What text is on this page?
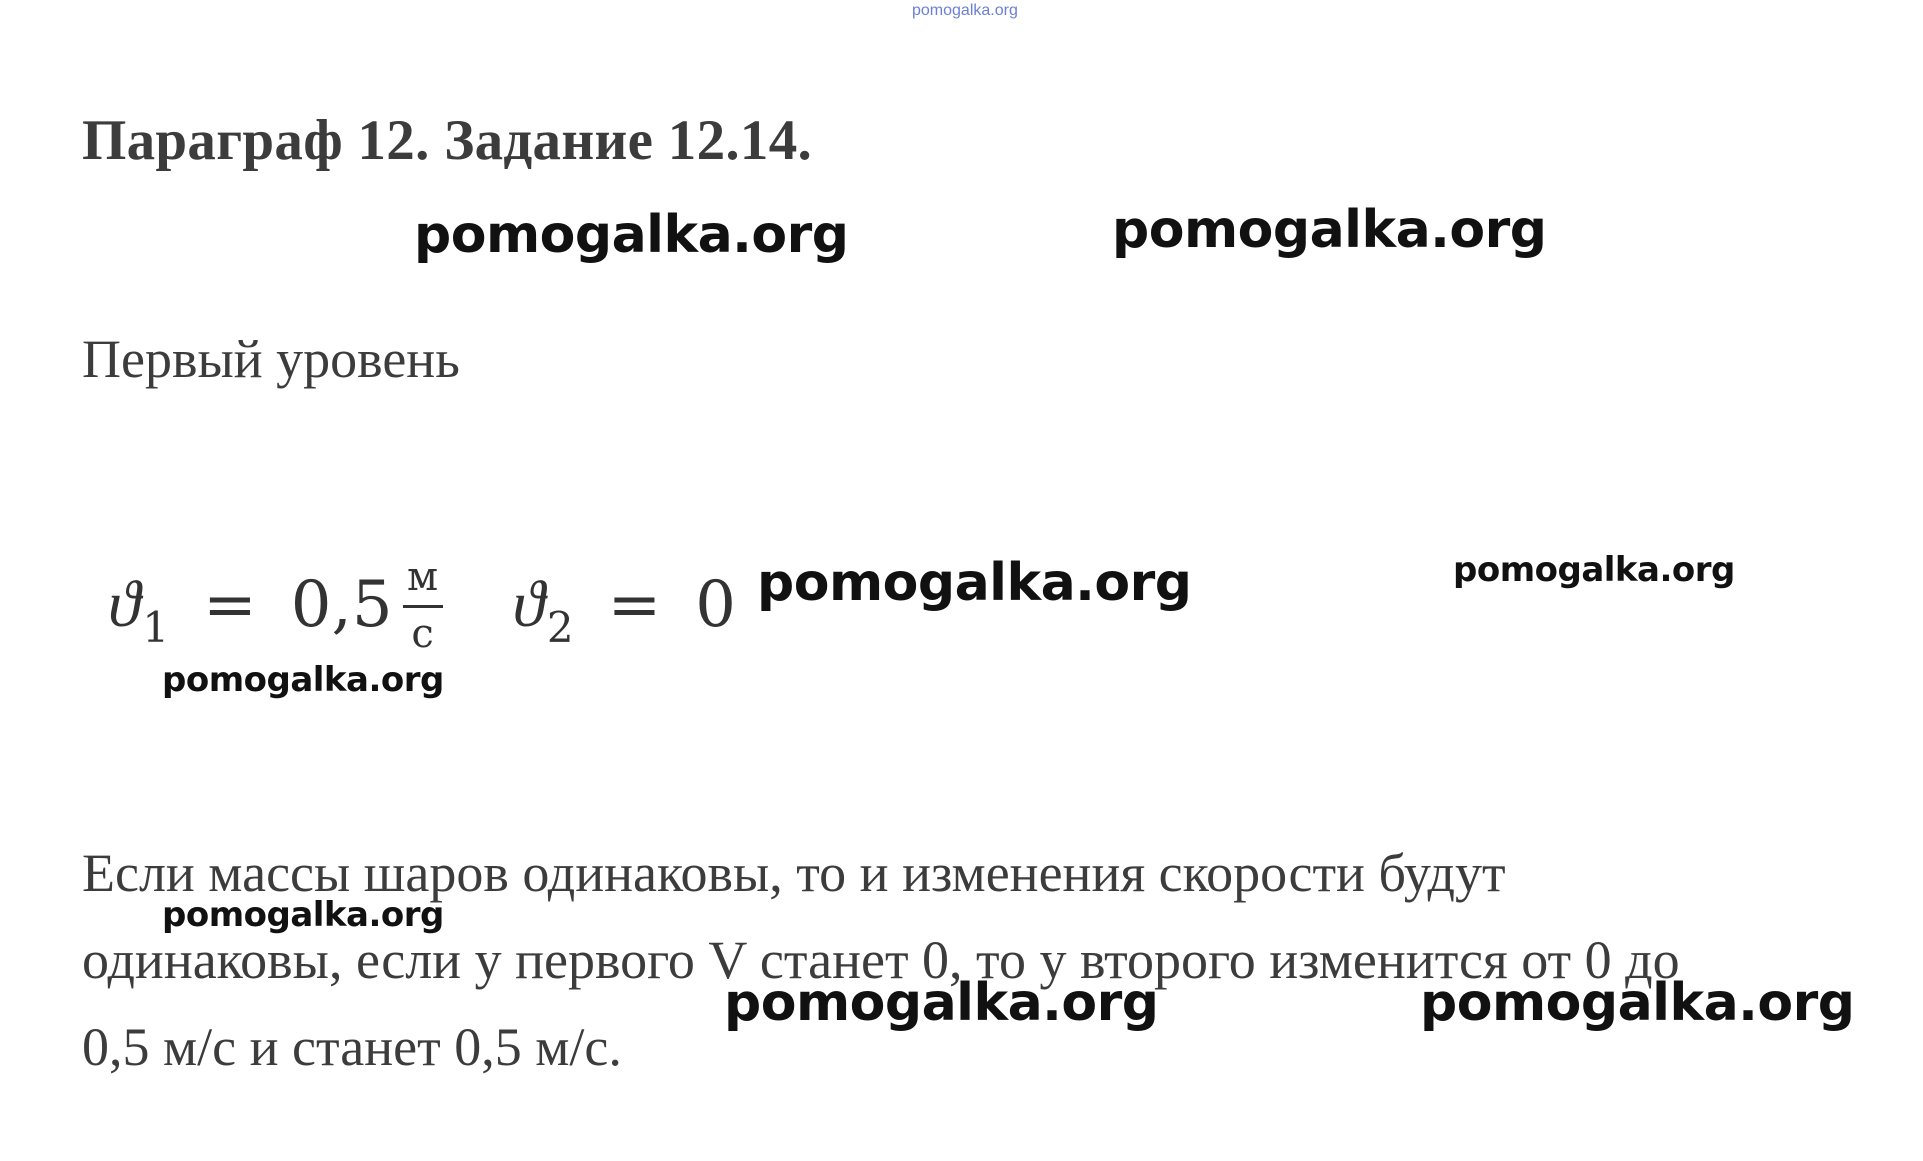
pomogalka.org
Параграф 12. Задание 12.14.
pomogalka.org	pomogalka.org
Первый уровень
ϑ $1 = 0,5 \frac{м}{с}$ ϑ 2 = 0 pomogalka.org	pomogalka.org
pomogalka.org
Если массы шаров одинаковы, то и изменения скорости будут
одинаковы, если у первого V станет 0, то у второго изменится от 0 до
0,5 м/с и станет 0,5 м/с.
pomogalka.org
pomogalka.org	pomogalka.org
